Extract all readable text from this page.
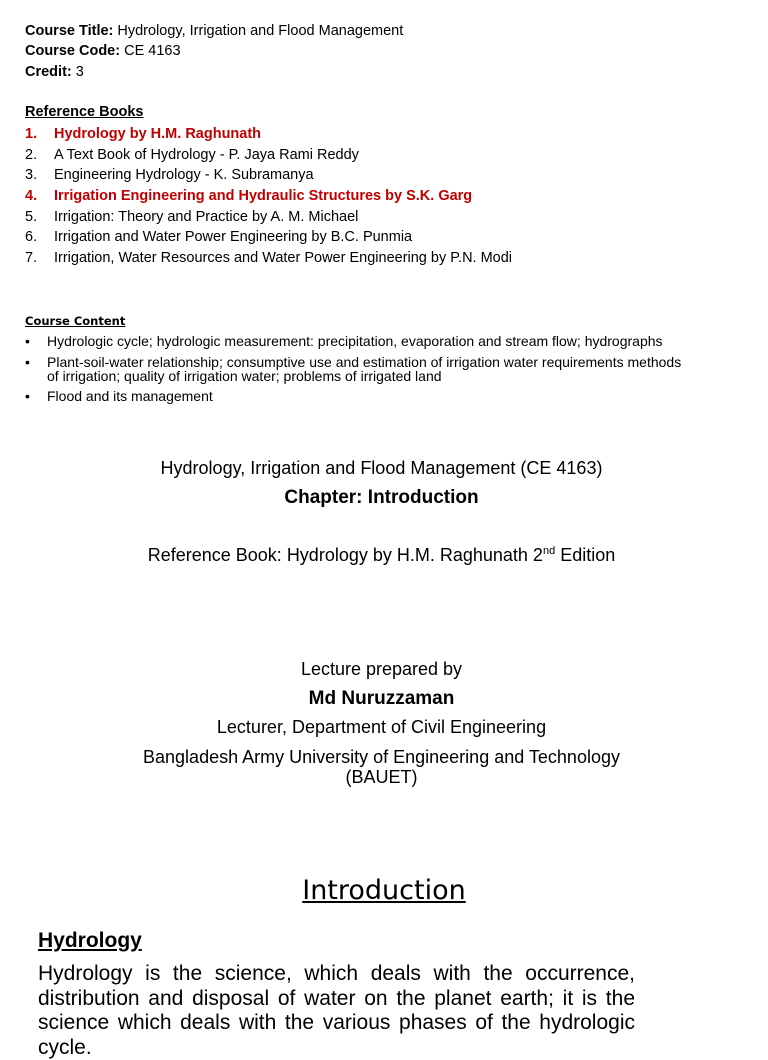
Course Title: Hydrology, Irrigation and Flood Management
Course Code: CE 4163
Credit: 3
Reference Books
1. Hydrology by H.M. Raghunath
2. A Text Book of Hydrology - P. Jaya Rami Reddy
3. Engineering Hydrology - K. Subramanya
4. Irrigation Engineering and Hydraulic Structures by S.K. Garg
5. Irrigation: Theory and Practice by A. M. Michael
6. Irrigation and Water Power Engineering by B.C. Punmia
7. Irrigation, Water Resources and Water Power Engineering by P.N. Modi
Course Content
• Hydrologic cycle; hydrologic measurement: precipitation, evaporation and stream flow; hydrographs
• Plant-soil-water relationship; consumptive use and estimation of irrigation water requirements methods of irrigation; quality of irrigation water; problems of irrigated land
• Flood and its management
Hydrology, Irrigation and Flood Management (CE 4163)
Chapter: Introduction
Reference Book: Hydrology by H.M. Raghunath 2nd Edition
Lecture prepared by
Md Nuruzzaman
Lecturer, Department of Civil Engineering
Bangladesh Army University of Engineering and Technology
(BAUET)
Introduction
Hydrology
Hydrology is the science, which deals with the occurrence, distribution and disposal of water on the planet earth; it is the science which deals with the various phases of the hydrologic cycle.
